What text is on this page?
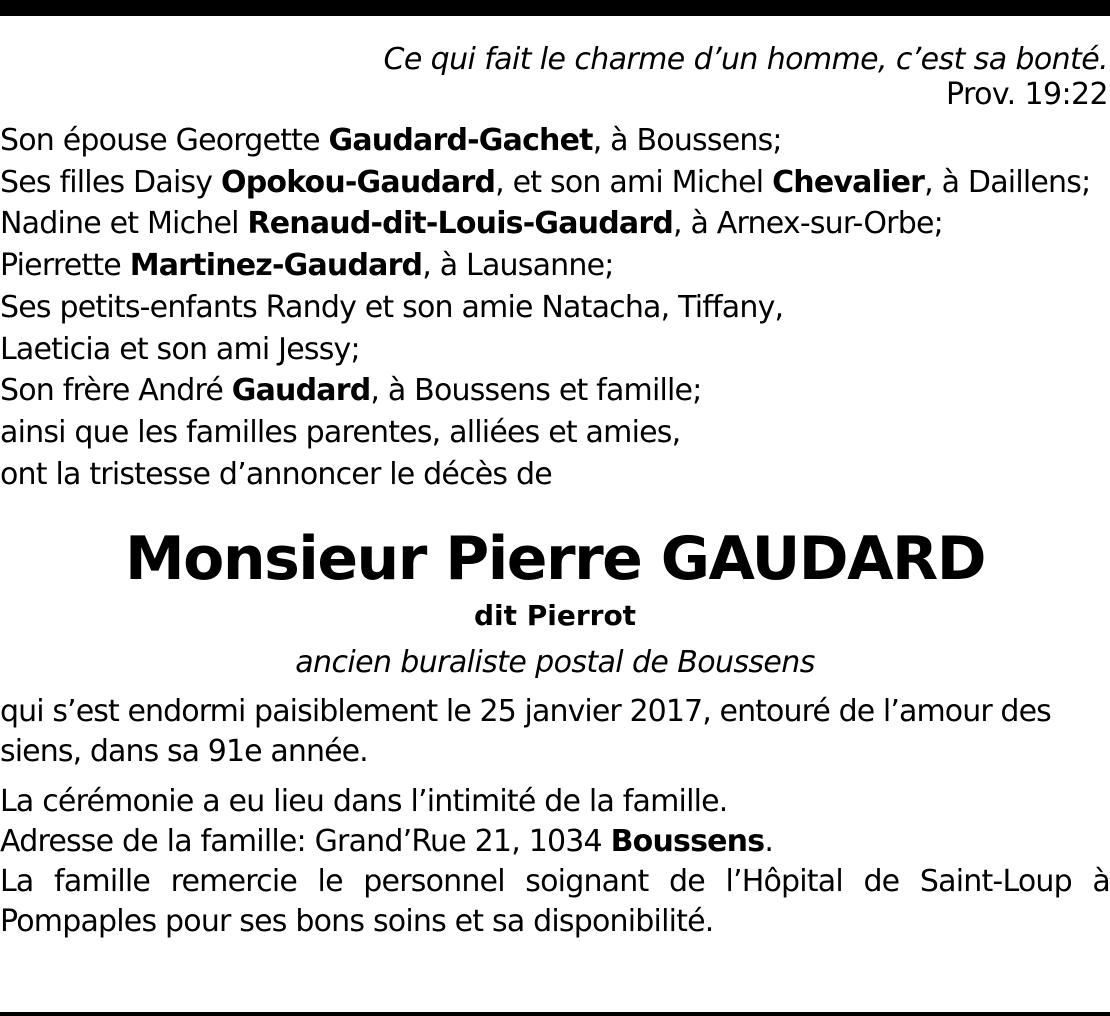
Ce qui fait le charme d’un homme, c’est sa bonté.
Prov. 19:22
Son épouse Georgette Gaudard-Gachet, à Boussens;
Ses filles Daisy Opokou-Gaudard, et son ami Michel Chevalier, à Daillens;
Nadine et Michel Renaud-dit-Louis-Gaudard, à Arnex-sur-Orbe;
Pierrette Martinez-Gaudard, à Lausanne;
Ses petits-enfants Randy et son amie Natacha, Tiffany,
Laeticia et son ami Jessy;
Son frère André Gaudard, à Boussens et famille;
ainsi que les familles parentes, alliées et amies,
ont la tristesse d’annoncer le décès de
Monsieur Pierre GAUDARD
dit Pierrot
ancien buraliste postal de Boussens
qui s’est endormi paisiblement le 25 janvier 2017, entouré de l’amour des siens, dans sa 91e année.
La cérémonie a eu lieu dans l’intimité de la famille.
Adresse de la famille: Grand’Rue 21, 1034 Boussens.
La famille remercie le personnel soignant de l’Hôpital de Saint-Loup à
Pompaples pour ses bons soins et sa disponibilité.
